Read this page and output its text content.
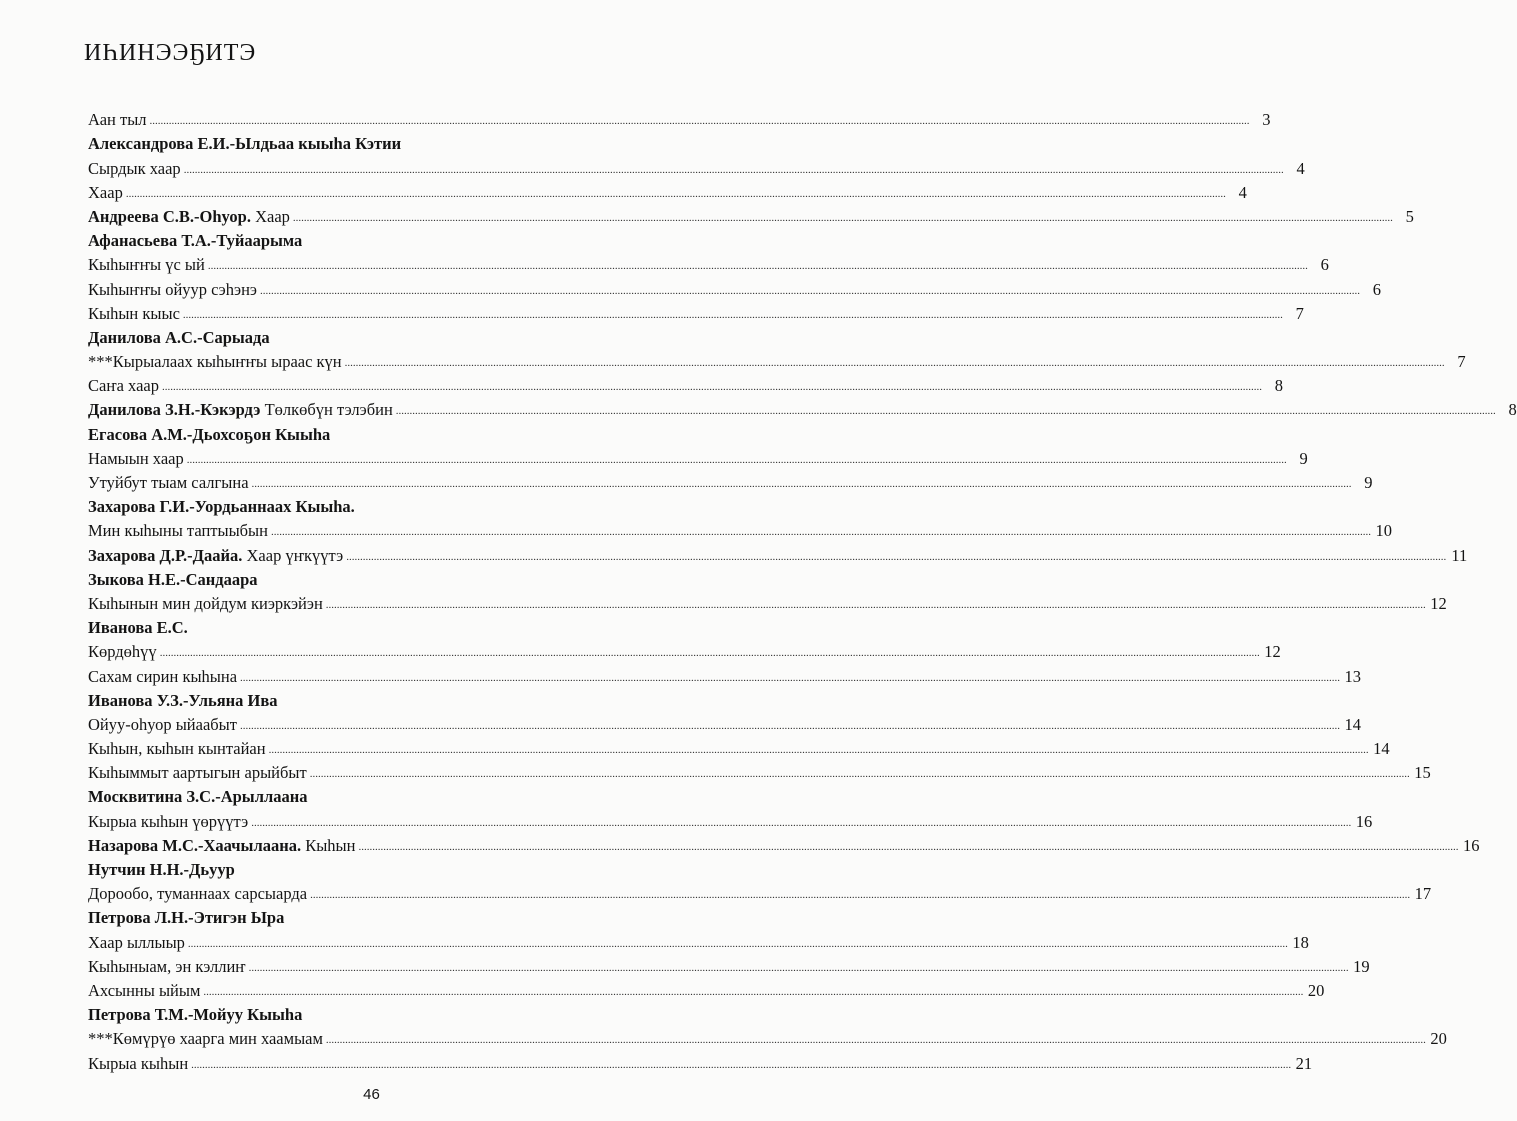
ИҺИНЭЭҔИТЭ
Аан тыл ................................................................................................................................................................................................................................................................................................................................................................................................................ 3
Александрова Е.И.-Ылдьаа кыыһа Кэтии
Сырдык хаар ................................................................................................................................................................................................................................................................................................................................................................................................................ 4
Хаар ................................................................................................................................................................................................................................................................................................................................................................................................................ 4
Андреева С.В.-Оһуор. Хаар ................................................................................................................................................................................................................................................................................................................................................................................................................ 5
Афанасьева Т.А.-Туйаарыма
Кыһыҥҥы үс ый ................................................................................................................................................................................................................................................................................................................................................................................................................ 6
Кыһыҥҥы ойуур сэһэнэ ................................................................................................................................................................................................................................................................................................................................................................................................................ 6
Кыһын кыыс ................................................................................................................................................................................................................................................................................................................................................................................................................ 7
Данилова А.С.-Сарыада
***Кырыалаах кыһыҥҥы ыраас күн ................................................................................................................................................................................................................................................................................................................................................................................................................ 7
Саҥа хаар ................................................................................................................................................................................................................................................................................................................................................................................................................ 8
Данилова З.Н.-Кэкэрдэ Төлкөбүн тэлэбин ................................................................................................................................................................................................................................................................................................................................................................................................................ 8
Егасова А.М.-Дьохсоҕон Кыыһа
Намыын хаар ................................................................................................................................................................................................................................................................................................................................................................................................................ 9
Утуйбут тыам салгына ................................................................................................................................................................................................................................................................................................................................................................................................................ 9
Захарова Г.И.-Уордьаннаах Кыыһа.
Мин кыһыны таптыыбын ................................................................................................................................................................................................................................................................................................................................................................................................................ 10
Захарова Д.Р.-Даайа. Хаар үҥкүүтэ ................................................................................................................................................................................................................................................................................................................................................................................................................ 11
Зыкова Н.Е.-Сандаара
Кыһынын мин дойдум киэркэйэн ................................................................................................................................................................................................................................................................................................................................................................................................................ 12
Иванова Е.С.
Көрдөһүү ................................................................................................................................................................................................................................................................................................................................................................................................................ 12
Сахам сирин кыһына ................................................................................................................................................................................................................................................................................................................................................................................................................ 13
Иванова У.З.-Ульяна Ива
Ойуу-оһуор ыйаабыт ................................................................................................................................................................................................................................................................................................................................................................................................................ 14
Кыһын, кыһын кынтайан ................................................................................................................................................................................................................................................................................................................................................................................................................ 14
Кыһыммыт аартыгын арыйбыт ................................................................................................................................................................................................................................................................................................................................................................................................................ 15
Москвитина З.С.-Арыллаана
Кырыа кыһын үөрүүтэ ................................................................................................................................................................................................................................................................................................................................................................................................................ 16
Назарова М.С.-Хаачылаана. Кыһын ................................................................................................................................................................................................................................................................................................................................................................................................................ 16
Нутчин Н.Н.-Дьуур
Дорообо, туманнаах сарсыарда ................................................................................................................................................................................................................................................................................................................................................................................................................ 17
Петрова Л.Н.-Этигэн Ыра
Хаар ыллыыр ................................................................................................................................................................................................................................................................................................................................................................................................................ 18
Кыһыныам, эн кэллиҥ ................................................................................................................................................................................................................................................................................................................................................................................................................ 19
Ахсынны ыйым ................................................................................................................................................................................................................................................................................................................................................................................................................ 20
Петрова Т.М.-Мойуу Кыыһа
***Көмүрүө хаарга мин хаамыам ................................................................................................................................................................................................................................................................................................................................................................................................................ 20
Кырыа кыһын ................................................................................................................................................................................................................................................................................................................................................................................................................ 21
46
